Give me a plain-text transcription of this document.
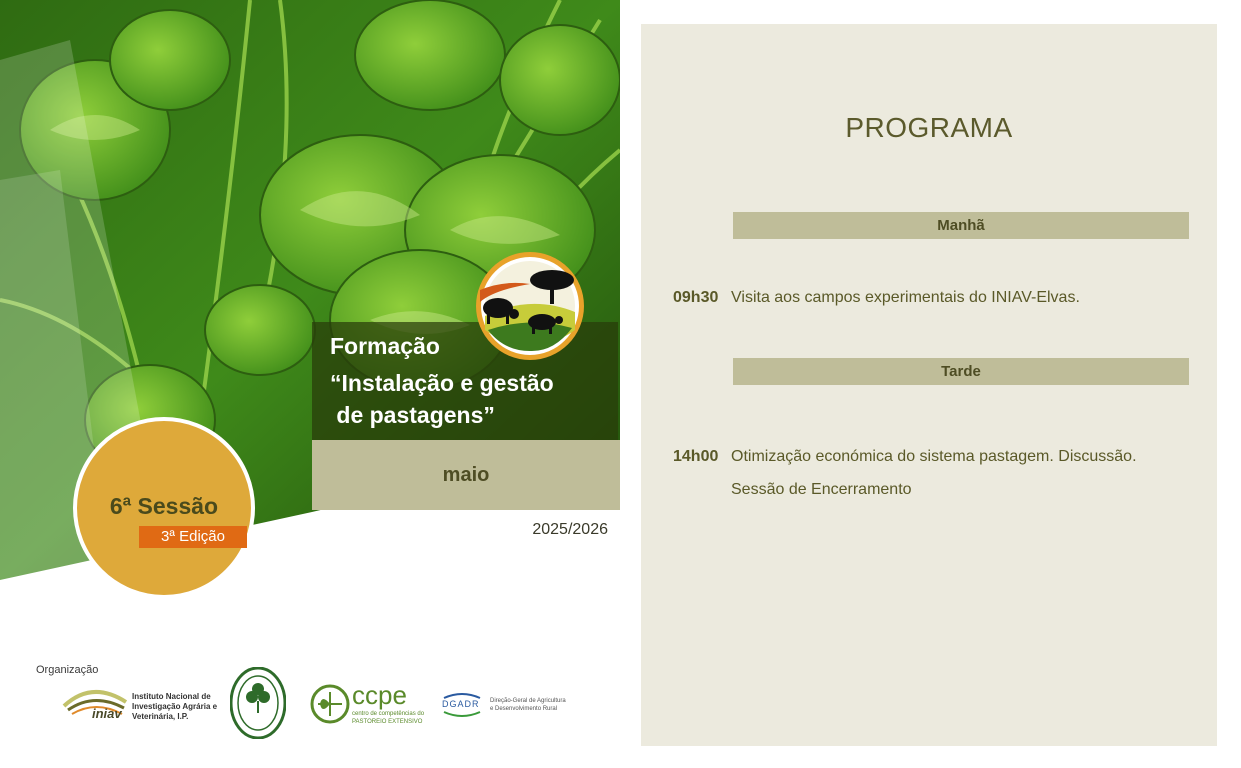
Formação
“Instalação e gestão
de pastagens”
maio
2025/2026
6ª Sessão
3ª Edição
Organização
iniav
Instituto Nacional de
Investigação Agrária e
Veterinária, I.P.
ccpe
centro de competências do
PASTOREIO EXTENSIVO
DGADR Direção-Geral de Agricultura
e Desenvolvimento Rural
PROGRAMA
Manhã
09h30 Visita aos campos experimentais do INIAV-Elvas.
Tarde
14h00 Otimização económica do sistema pastagem. Discussão.
Sessão de Encerramento
